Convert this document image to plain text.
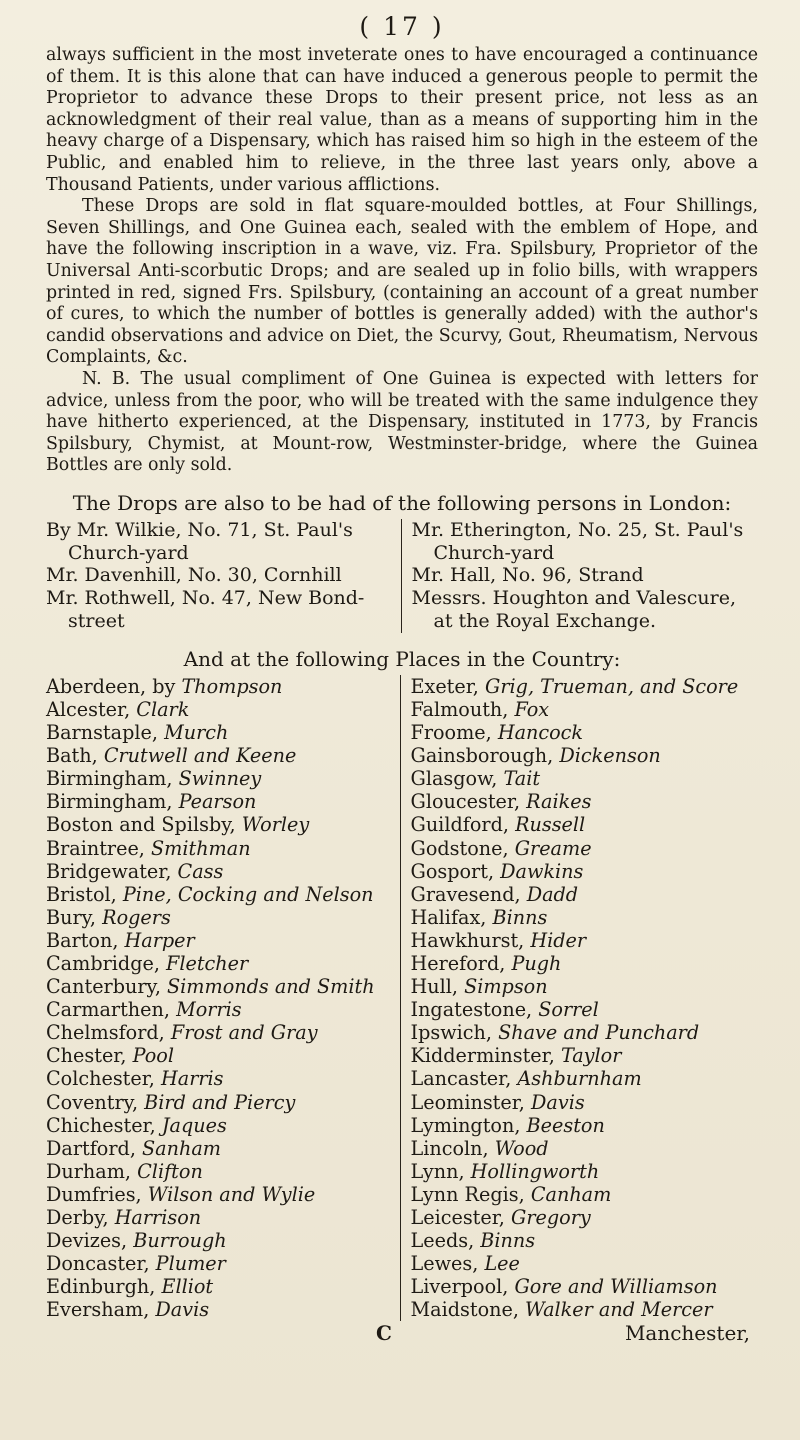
( 17 )

always sufficient in the most inveterate ones to have encouraged a continuance of them. It is this alone that can have induced a generous people to permit the Proprietor to advance these Drops to their present price, not less as an acknowledgment of their real value, than as a means of supporting him in the heavy charge of a Dispensary, which has raised him so high in the esteem of the Public, and enabled him to relieve, in the three last years only, above a Thousand Patients, under various afflictions.

These Drops are sold in flat square-moulded bottles, at Four Shillings, Seven Shillings, and One Guinea each, sealed with the emblem of Hope, and have the following inscription in a wave, viz. Fra. Spilsbury, Proprietor of the Universal Anti-scorbutic Drops; and are sealed up in folio bills, with wrappers printed in red, signed Frs. Spilsbury, (containing an account of a great number of cures, to which the number of bottles is generally added) with the author's candid observations and advice on Diet, the Scurvy, Gout, Rheumatism, Nervous Complaints, &c.

N. B. The usual compliment of One Guinea is expected with letters for advice, unless from the poor, who will be treated with the same indulgence they have hitherto experienced, at the Dispensary, instituted in 1773, by Francis Spilsbury, Chymist, at Mount-row, Westminster-bridge, where the Guinea Bottles are only sold.

The Drops are also to be had of the following persons in London:
By Mr. Wilkie, No. 71, St. Paul's Church-yard
Mr. Davenhill, No. 30, Cornhill
Mr. Rothwell, No. 47, New Bond-street
Mr. Etherington, No. 25, St. Paul's Church-yard
Mr. Hall, No. 96, Strand
Messrs. Houghton and Valescure, at the Royal Exchange.
And at the following Places in the Country:
Aberdeen, by Thompson
Alcester, Clark
Barnstaple, Murch
Bath, Crutwell and Keene
Birmingham, Swinney
Birmingham, Pearson
Boston and Spilsby, Worley
Braintree, Smithman
Bridgewater, Cass
Bristol, Pine, Cocking and Nelson
Bury, Rogers
Barton, Harper
Cambridge, Fletcher
Canterbury, Simmonds and Smith
Carmarthen, Morris
Chelmsford, Frost and Gray
Chester, Pool
Colchester, Harris
Coventry, Bird and Piercy
Chichester, Jaques
Dartford, Sanham
Durham, Clifton
Dumfries, Wilson and Wylie
Derby, Harrison
Devizes, Burrough
Doncaster, Plumer
Edinburgh, Elliot
Eversham, Davis
Exeter, Grig, Trueman, and Score
Falmouth, Fox
Froome, Hancock
Gainsborough, Dickenson
Glasgow, Tait
Gloucester, Raikes
Guildford, Russell
Godstone, Greame
Gosport, Dawkins
Gravesend, Dadd
Halifax, Binns
Hawkhurst, Hider
Hereford, Pugh
Hull, Simpson
Ingatestone, Sorrel
Ipswich, Shave and Punchard
Kidderminster, Taylor
Lancaster, Ashburnham
Leominster, Davis
Lymington, Beeston
Lincoln, Wood
Lynn, Hollingworth
Lynn Regis, Canham
Leicester, Gregory
Leeds, Binns
Lewes, Lee
Liverpool, Gore and Williamson
Maidstone, Walker and Mercer
C	Manchester,
